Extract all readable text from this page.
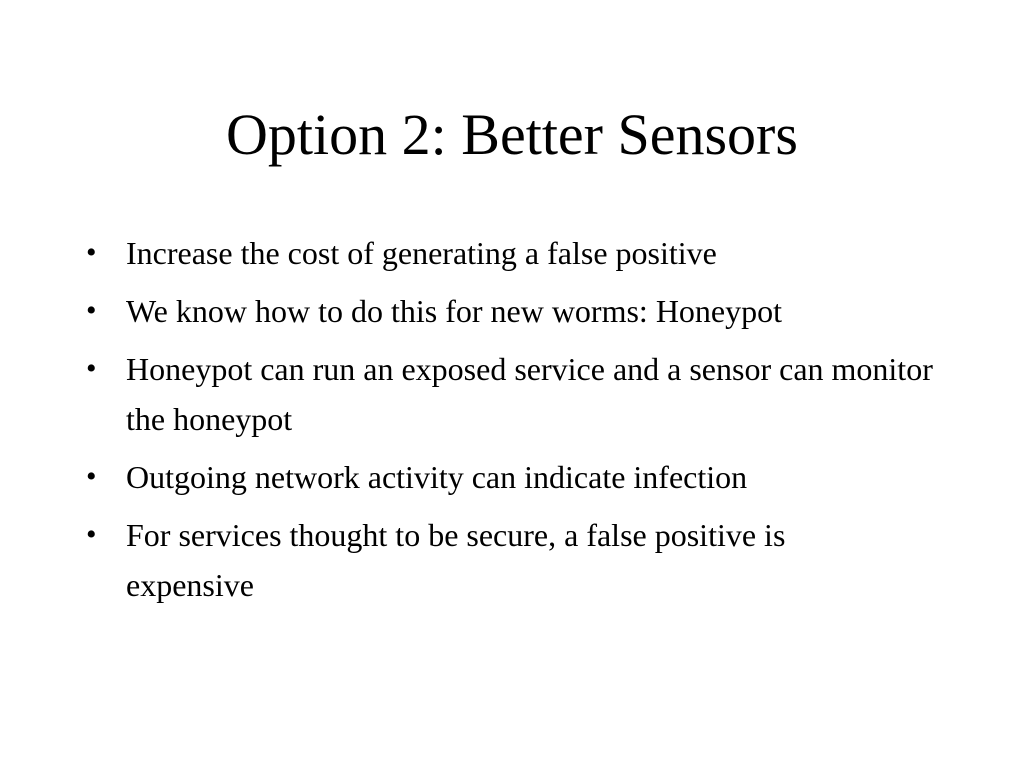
Option 2: Better Sensors
• Increase the cost of generating a false positive
• We know how to do this for new worms: Honeypot
• Honeypot can run an exposed service and a sensor can monitor the honeypot
• Outgoing network activity can indicate infection
• For services thought to be secure, a false positive is expensive
